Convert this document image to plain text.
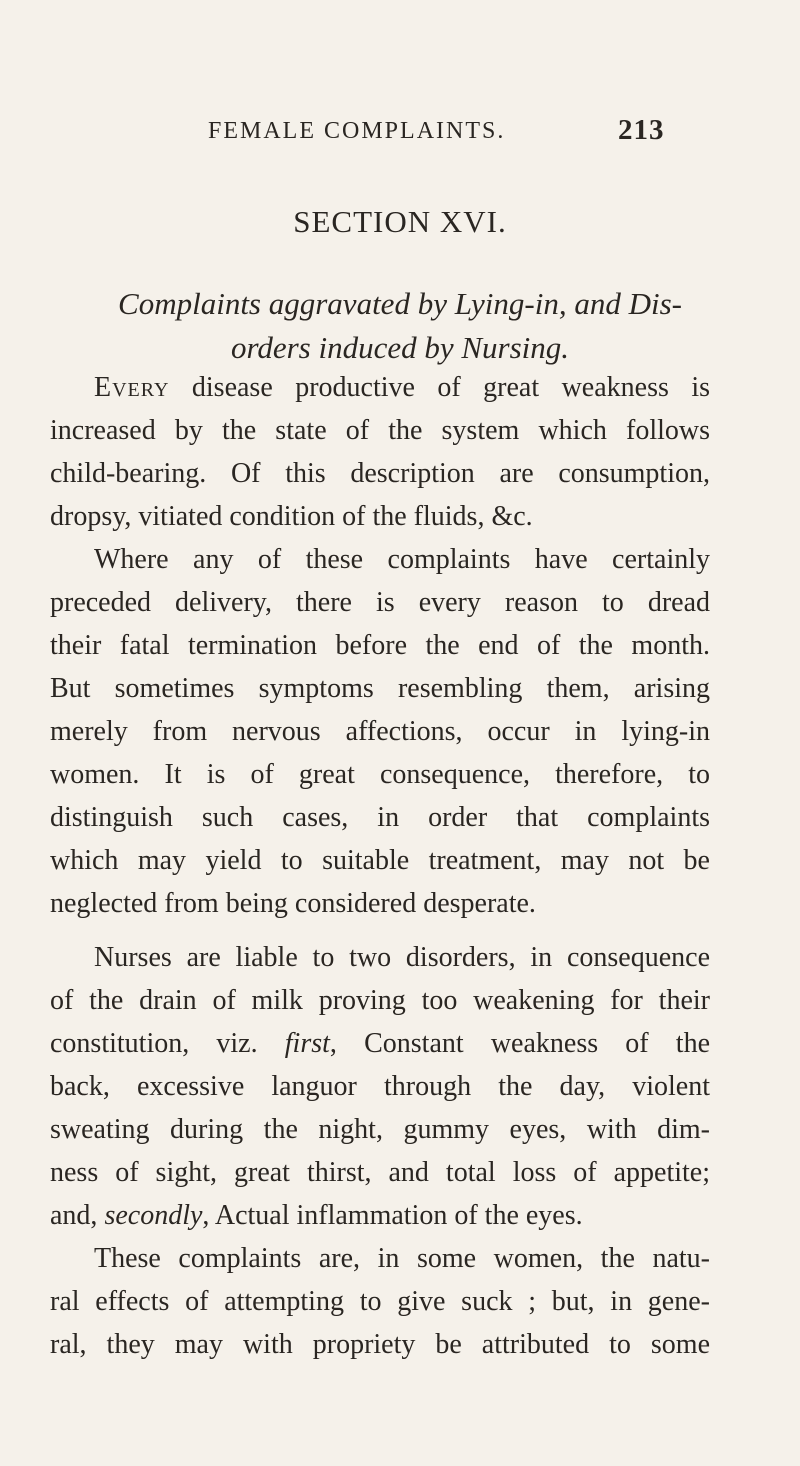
FEMALE COMPLAINTS.	213
SECTION XVI.
Complaints aggravated by Lying-in, and Dis-
orders induced by Nursing.
Every disease productive of great weakness is
increased by the state of the system which follows
child-bearing. Of this description are consumption,
dropsy, vitiated condition of the fluids, &c.
Where any of these complaints have certainly
preceded delivery, there is every reason to dread
their fatal termination before the end of the month.
But sometimes symptoms resembling them, arising
merely from nervous affections, occur in lying-in
women. It is of great consequence, therefore, to
distinguish such cases, in order that complaints
which may yield to suitable treatment, may not be
neglected from being considered desperate.
Nurses are liable to two disorders, in consequence
of the drain of milk proving too weakening for their
constitution, viz. first, Constant weakness of the
back, excessive languor through the day, violent
sweating during the night, gummy eyes, with dim-
ness of sight, great thirst, and total loss of appetite;
and, secondly, Actual inflammation of the eyes.
These complaints are, in some women, the natu-
ral effects of attempting to give suck ; but, in gene-
ral, they may with propriety be attributed to some
